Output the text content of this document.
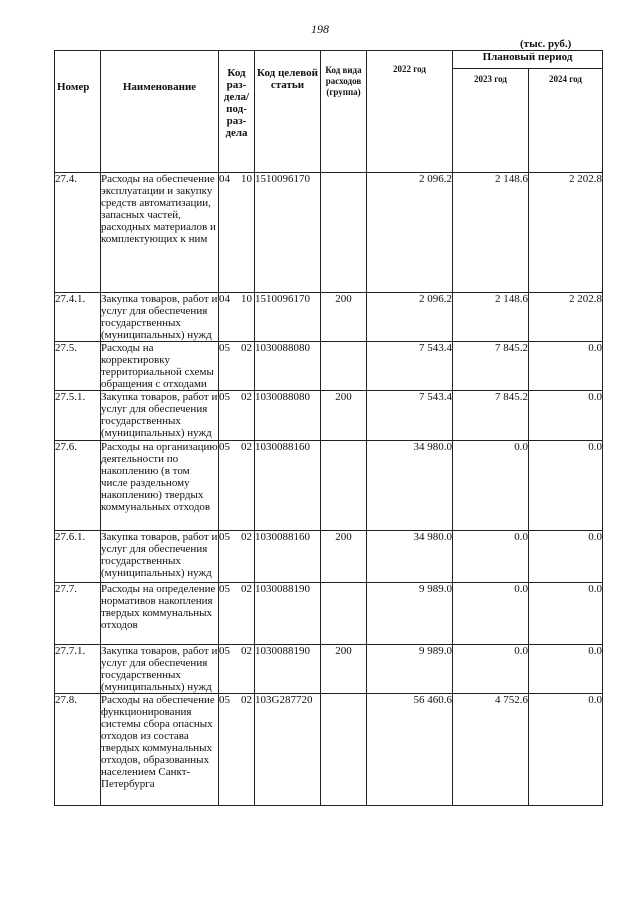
198
(тыс. руб.)
Номер	Наименование	Код раз-дела/ под-раз-дела	Код целевой статьи	Код вида расходов (группа)	2022 год	Плановый период	
						2023 год	2024 год
27.4.	Расходы на обеспечение эксплуатации и закупку средств автоматизации, запасных частей, расходных материалов и комплектующих к ним	04 10	1510096170		2 096.2	2 148.6	2 202.8
27.4.1.	Закупка товаров, работ и услуг для обеспечения государственных (муниципальных) нужд	04 10	1510096170	200	2 096.2	2 148.6	2 202.8
27.5.	Расходы на корректировку территориальной схемы обращения с отходами	05 02	1030088080		7 543.4	7 845.2	0.0
27.5.1.	Закупка товаров, работ и услуг для обеспечения государственных (муниципальных) нужд	05 02	1030088080	200	7 543.4	7 845.2	0.0
27.6.	Расходы на организацию деятельности по накоплению (в том числе раздельному накоплению) твердых коммунальных отходов	05 02	1030088160		34 980.0	0.0	0.0
27.6.1.	Закупка товаров, работ и услуг для обеспечения государственных (муниципальных) нужд	05 02	1030088160	200	34 980.0	0.0	0.0
27.7.	Расходы на определение нормативов накопления твердых коммунальных отходов	05 02	1030088190		9 989.0	0.0	0.0
27.7.1.	Закупка товаров, работ и услуг для обеспечения государственных (муниципальных) нужд	05 02	1030088190	200	9 989.0	0.0	0.0
27.8.	Расходы на обеспечение функционирования системы сбора опасных отходов из состава твердых коммунальных отходов, образованных населением Санкт-Петербурга	05 02	103G287720		56 460.6	4 752.6	0.0
